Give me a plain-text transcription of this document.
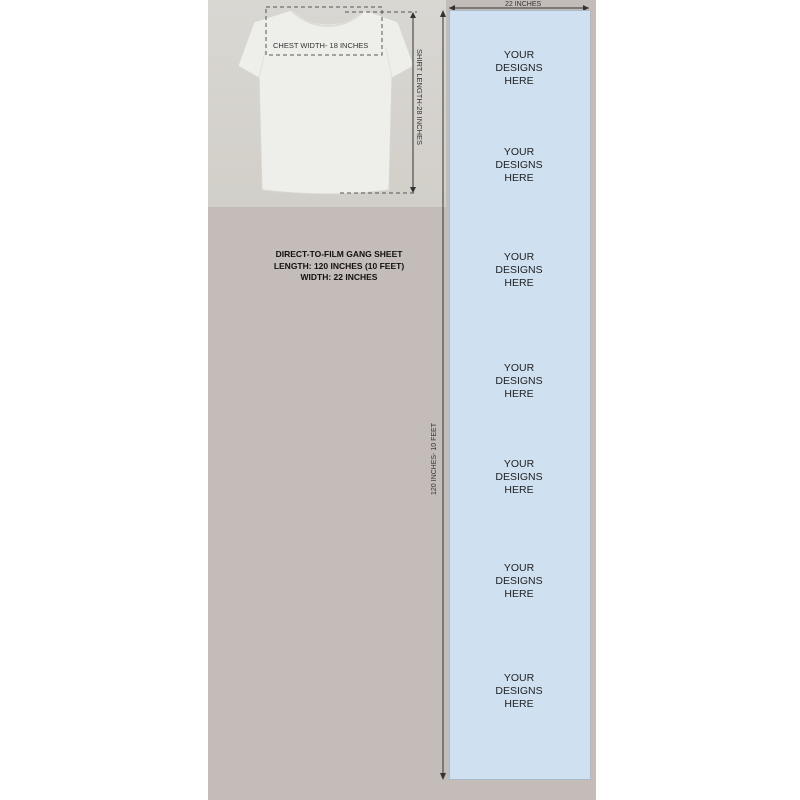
CHEST WIDTH- 18 INCHES
SHIRT LENGTH-28 INCHES
22 INCHES
120 INCHES- 10 FEET
DIRECT-TO-FILM GANG SHEET
LENGTH: 120 INCHES (10 FEET)
WIDTH: 22 INCHES
YOUR
DESIGNS
HERE
YOUR
DESIGNS
HERE
YOUR
DESIGNS
HERE
YOUR
DESIGNS
HERE
YOUR
DESIGNS
HERE
YOUR
DESIGNS
HERE
YOUR
DESIGNS
HERE
